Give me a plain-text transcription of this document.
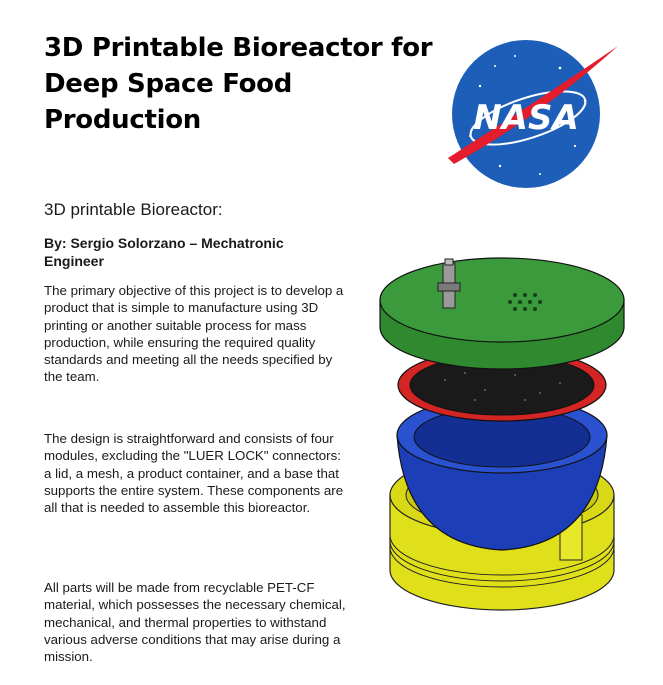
3D Printable Bioreactor for Deep Space Food Production	NASA

3D printable Bioreactor:

By: Sergio Solorzano – Mechatronic Engineer

The primary objective of this project is to develop a product that is simple to manufacture using 3D printing or another suitable process for mass production, while ensuring the required quality standards and meeting all the needs specified by the team.

The design is straightforward and consists of four modules, excluding the "LUER LOCK" connectors: a lid, a mesh, a product container, and a base that supports the entire system. These components are all that is needed to assemble this bioreactor.

All parts will be made from recyclable PET-CF material, which possesses the necessary chemical, mechanical, and thermal properties to withstand various adverse conditions that may arise during a mission.
